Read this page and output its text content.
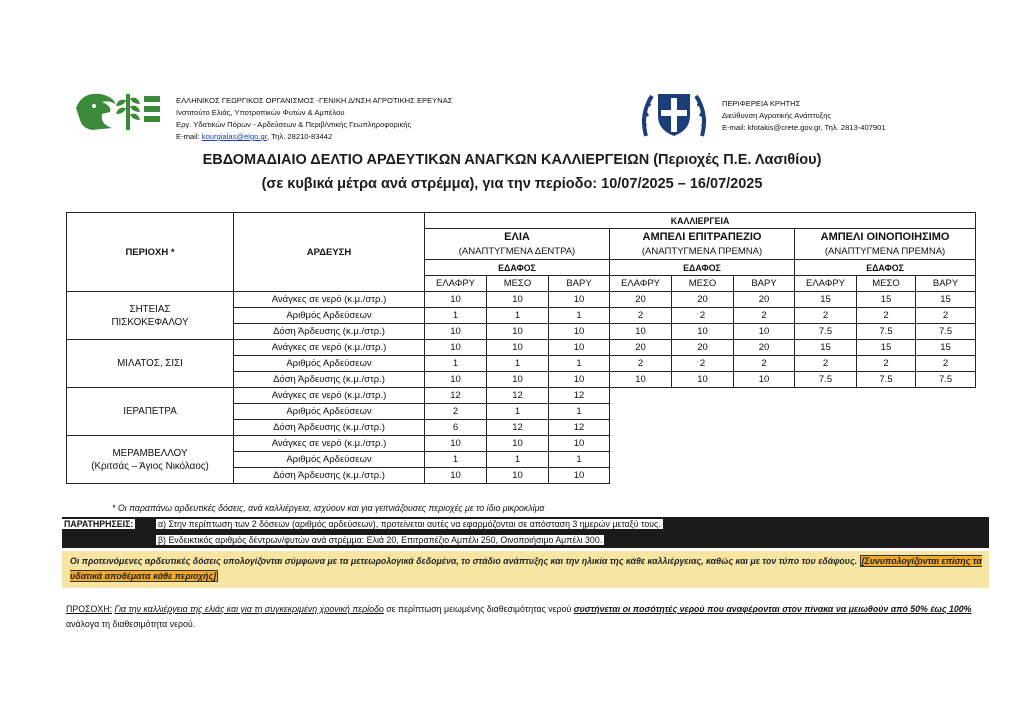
ΕΛΛΗΝΙΚΟΣ ΓΕΩΡΓΙΚΟΣ ΟΡΓΑΝΙΣΜΟΣ -ΓΕΝΙΚΗ Δ/ΝΣΗ ΑΓΡΟΤΙΚΗΣ ΕΡΕΥΝΑΣ
Ινστιτούτο Ελιάς, Υποτροπικών Φυτών & Αμπέλου
Εργ. Υδατικών Πόρων - Αρδεύσεων & Περιβ/ντικής Γεωπληροφορικής
E-mail: kourgialas@elgo.gr, Τηλ. 28210-83442
ΠΕΡΙΦΕΡΕΙΑ ΚΡΗΤΗΣ
Διεύθυνση Αγροτικής Ανάπτυξης
E-mail: kfotakis@crete.gov.gr, Τηλ. 2813-407901
ΕΒΔΟΜΑΔΙΑΙΟ ΔΕΛΤΙΟ ΑΡΔΕΥΤΙΚΩΝ ΑΝΑΓΚΩΝ ΚΑΛΛΙΕΡΓΕΙΩΝ (Περιοχές Π.Ε. Λασιθίου)
(σε κυβικά μέτρα ανά στρέμμα), για την περίοδο: 10/07/2025 – 16/07/2025
ΠΕΡΙΟΧΗ *	ΑΡΔΕΥΣΗ	ΚΑΛΛΙΕΡΓΕΙΑ								
		ΕΛΙΑ			ΑΜΠΕΛΙ ΕΠΙΤΡΑΠΕΖΙΟ			ΑΜΠΕΛΙ ΟΙΝΟΠΟΙΗΣΙΜΟ		
		(ΑΝΑΠΤΥΓΜΕΝΑ ΔΕΝΤΡΑ)			(ΑΝΑΠΤΥΓΜΕΝΑ ΠΡΕΜΝΑ)			(ΑΝΑΠΤΥΓΜΕΝΑ ΠΡΕΜΝΑ)		
		ΕΔΑΦΟΣ			ΕΔΑΦΟΣ			ΕΔΑΦΟΣ		
		ΕΛΑΦΡΥ	ΜΕΣΟ	ΒΑΡΥ	ΕΛΑΦΡΥ	ΜΕΣΟ	ΒΑΡΥ	ΕΛΑΦΡΥ	ΜΕΣΟ	ΒΑΡΥ

ΣΗΤΕΙΑΣ
ΠΙΣΚΟΚΕΦΑΛΟΥ	Ανάγκες σε νερό (κ.μ./στρ.)	10	10	10	20	20	20	15	15	15
	Αριθμός Αρδεύσεων	1	1	1	2	2	2	2	2	2
	Δόση Άρδευσης (κ.μ./στρ.)	10	10	10	10	10	10	7.5	7.5	7.5

ΜΙΛΑΤΟΣ, ΣΙΣΙ	Ανάγκες σε νερό (κ.μ./στρ.)	10	10	10	20	20	20	15	15	15
	Αριθμός Αρδεύσεων	1	1	1	2	2	2	2	2	2
	Δόση Άρδευσης (κ.μ./στρ.)	10	10	10	10	10	10	7.5	7.5	7.5

ΙΕΡΑΠΕΤΡΑ	Ανάγκες σε νερό (κ.μ./στρ.)	12	12	12						
	Αριθμός Αρδεύσεων	2	1	1						
	Δόση Άρδευσης (κ.μ./στρ.)	6	12	12						

ΜΕΡΑΜΒΕΛΛΟΥ
(Κριτσάς – Άγιος Νικόλαος)	Ανάγκες σε νερό (κ.μ./στρ.)	10	10	10						
	Αριθμός Αρδεύσεων	1	1	1						
	Δόση Άρδευσης (κ.μ./στρ.)	10	10	10						
* Οι παραπάνω αρδευτικές δόσεις, ανά καλλιέργεια, ισχύουν και για γειτνιάζουσες περιοχές με το ίδιο μικροκλίμα
ΠΑΡΑΤΗΡΗΣΕΙΣ:	α) Στην περίπτωση των 2 δόσεων (αριθμός αρδεύσεων), προτείνεται αυτές να εφαρμόζονται σε απόσταση 3 ημερών μεταξύ τους.
β) Ενδεικτικός αριθμός δέντρων/φυτών ανά στρέμμα: Ελιά 20, Επιτραπέζιο Αμπέλι 250, Οινοποιήσιμο Αμπέλι 300.
Οι προτεινόμενες αρδευτικές δόσεις υπολογίζονται σύμφωνα με τα μετεωρολογικά δεδομένα, το στάδιο ανάπτυξης και την ηλικία της κάθε καλλιέργειας, καθώς και με τον τύπο του εδάφους. [Συνυπολογίζονται επίσης τα υδατικά αποθέματα κάθε περιοχής]
ΠΡΟΣΟΧΗ: Για την καλλιέργεια της ελιάς και για τη συγκεκριμένη χρονική περίοδο σε περίπτωση μειωμένης διαθεσιμότητας νερού συστήνεται οι ποσότητές νερού που αναφέρονται στον πίνακα να μειωθούν από 50% έως 100% ανάλογα τη διαθεσιμότητα νερού.
